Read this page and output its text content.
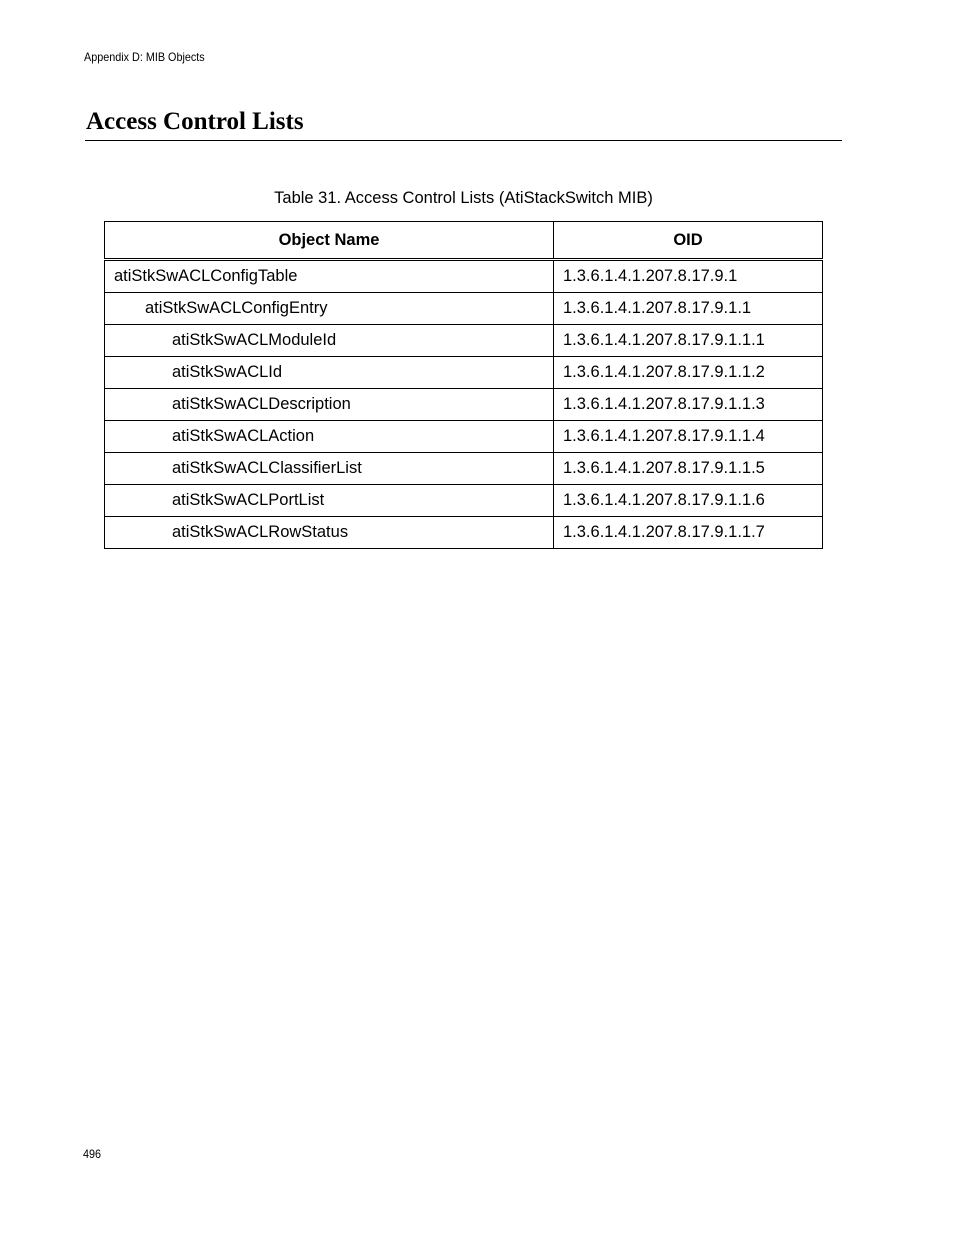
Appendix D: MIB Objects
Access Control Lists
Table 31. Access Control Lists (AtiStackSwitch MIB)
Object Name	OID
atiStkSwACLConfigTable	1.3.6.1.4.1.207.8.17.9.1
atiStkSwACLConfigEntry	1.3.6.1.4.1.207.8.17.9.1.1
atiStkSwACLModuleId	1.3.6.1.4.1.207.8.17.9.1.1.1
atiStkSwACLId	1.3.6.1.4.1.207.8.17.9.1.1.2
atiStkSwACLDescription	1.3.6.1.4.1.207.8.17.9.1.1.3
atiStkSwACLAction	1.3.6.1.4.1.207.8.17.9.1.1.4
atiStkSwACLClassifierList	1.3.6.1.4.1.207.8.17.9.1.1.5
atiStkSwACLPortList	1.3.6.1.4.1.207.8.17.9.1.1.6
atiStkSwACLRowStatus	1.3.6.1.4.1.207.8.17.9.1.1.7
496
